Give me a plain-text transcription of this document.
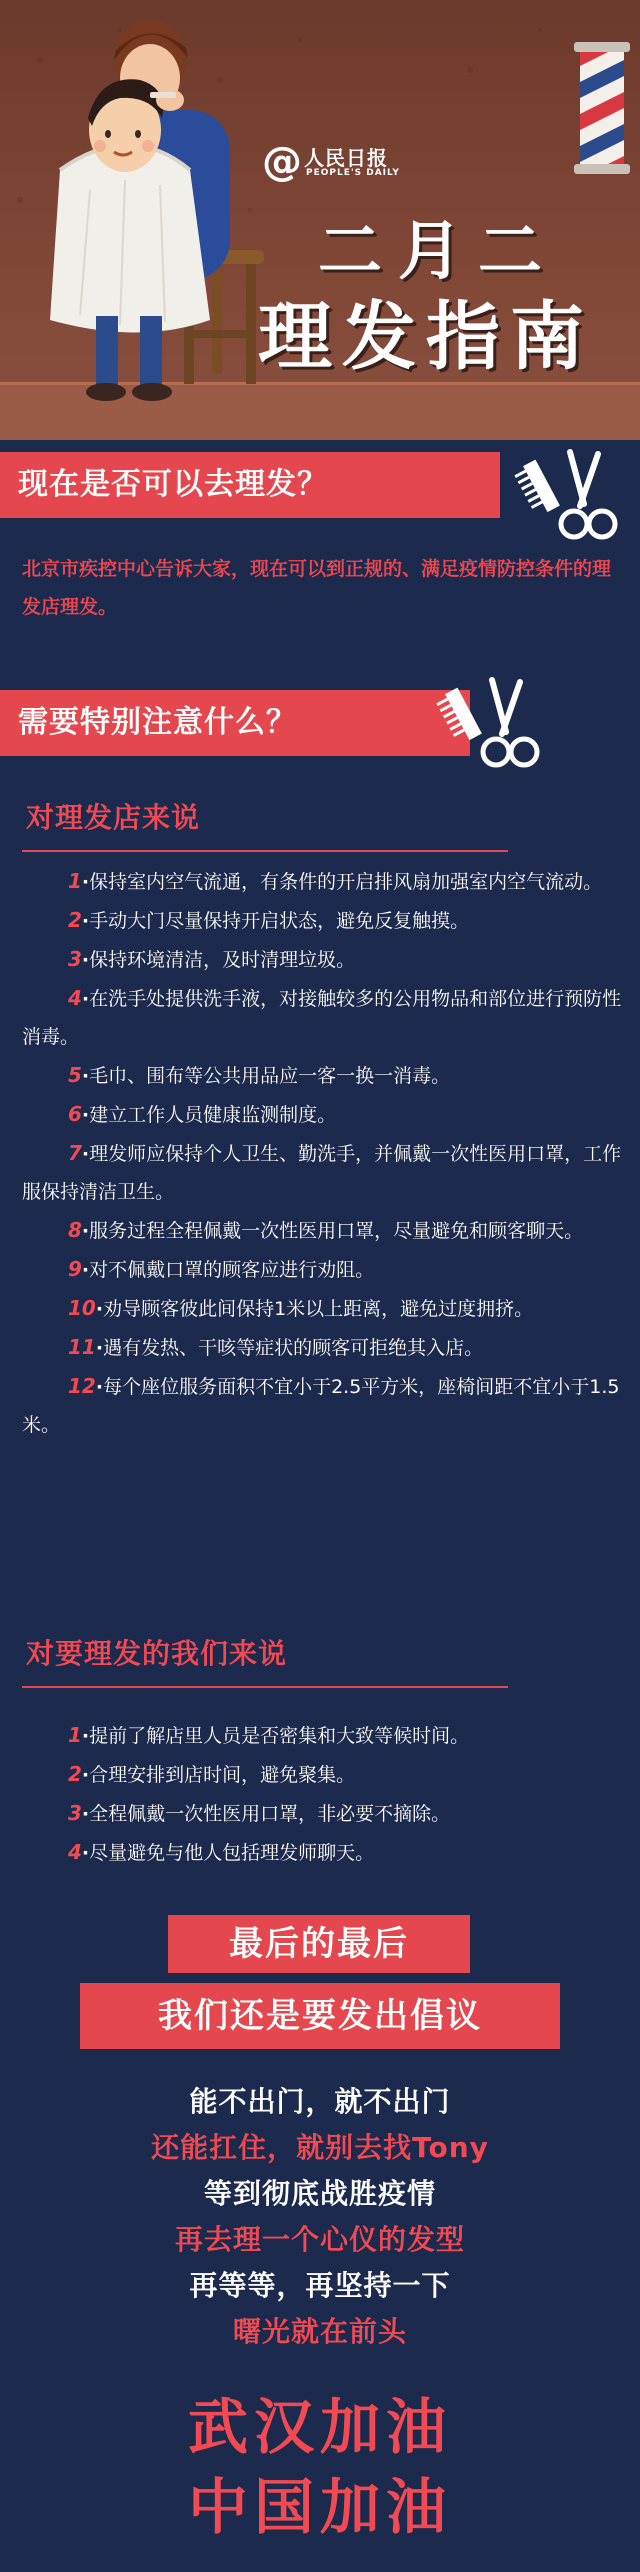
@ 人民日报
PEOPLE'S DAILY
二月二
理发指南
现在是否可以去理发？
北京市疾控中心告诉大家，现在可以到正规的、满足疫情防控条件的理发店理发。
需要特别注意什么？
对理发店来说
1·保持室内空气流通，有条件的开启排风扇加强室内空气流动。
2·手动大门尽量保持开启状态，避免反复触摸。
3·保持环境清洁，及时清理垃圾。
4·在洗手处提供洗手液，对接触较多的公用物品和部位进行预防性消毒。
5·毛巾、围布等公共用品应一客一换一消毒。
6·建立工作人员健康监测制度。
7·理发师应保持个人卫生、勤洗手，并佩戴一次性医用口罩，工作服保持清洁卫生。
8·服务过程全程佩戴一次性医用口罩，尽量避免和顾客聊天。
9·对不佩戴口罩的顾客应进行劝阻。
10·劝导顾客彼此间保持1米以上距离，避免过度拥挤。
11·遇有发热、干咳等症状的顾客可拒绝其入店。
12·每个座位服务面积不宜小于2.5平方米，座椅间距不宜小于1.5米。
对要理发的我们来说
1·提前了解店里人员是否密集和大致等候时间。
2·合理安排到店时间，避免聚集。
3·全程佩戴一次性医用口罩，非必要不摘除。
4·尽量避免与他人包括理发师聊天。
最后的最后
我们还是要发出倡议
能不出门，就不出门
还能扛住，就别去找Tony
等到彻底战胜疫情
再去理一个心仪的发型
再等等，再坚持一下
曙光就在前头
武汉加油
中国加油
